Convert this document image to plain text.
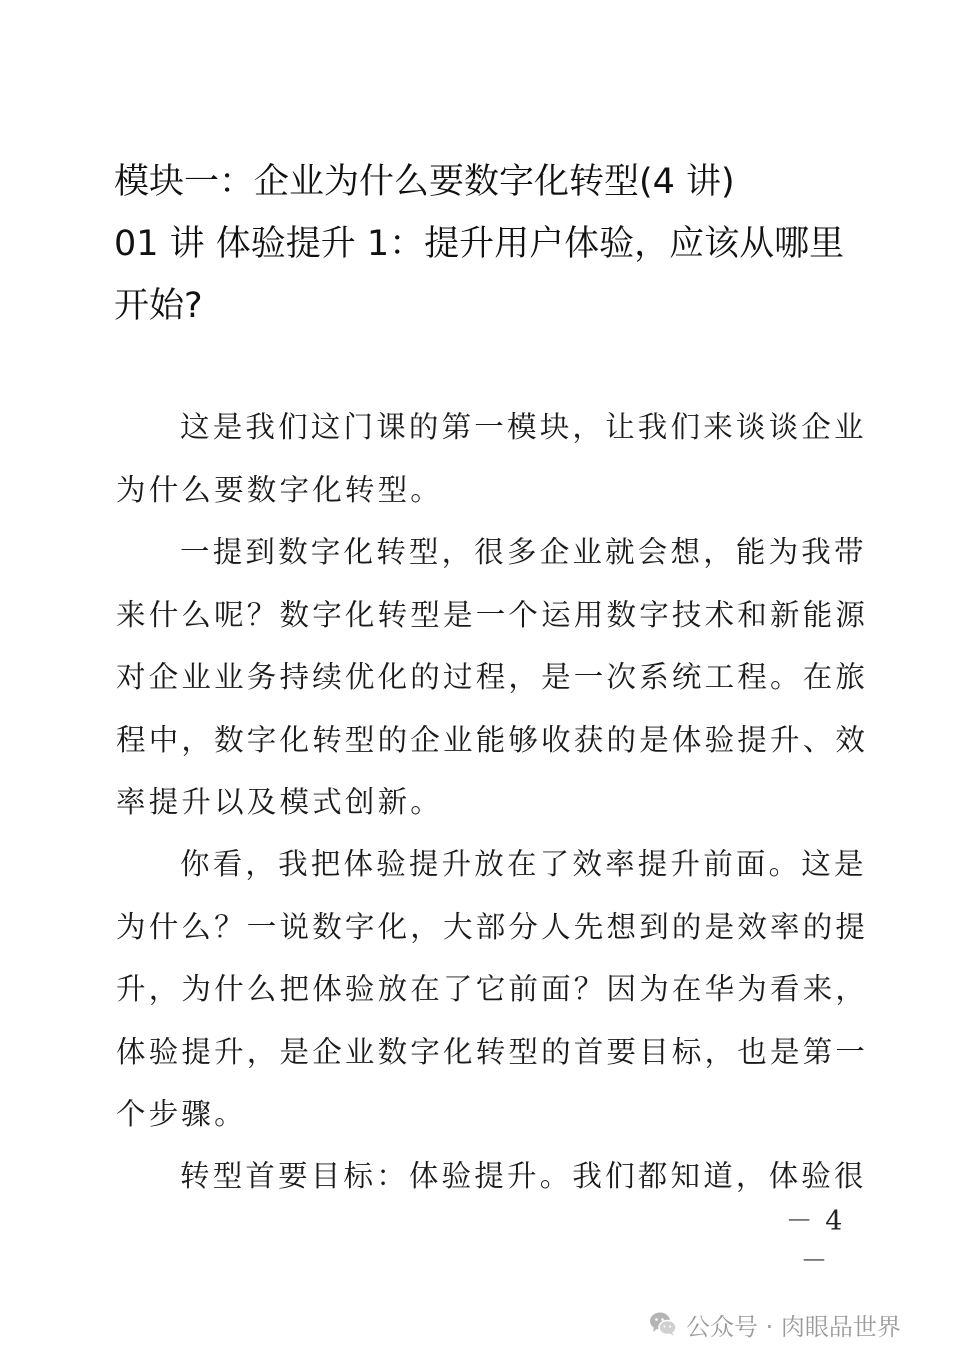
模块一：企业为什么要数字化转型(4 讲)
01 讲 体验提升 1：提升用户体验，应该从哪里
开始?
这是我们这门课的第一模块，让我们来谈谈企业
为什么要数字化转型。
一提到数字化转型，很多企业就会想，能为我带
来什么呢？数字化转型是一个运用数字技术和新能源
对企业业务持续优化的过程，是一次系统工程。在旅
程中，数字化转型的企业能够收获的是体验提升、效
率提升以及模式创新。
你看，我把体验提升放在了效率提升前面。这是
为什么？一说数字化，大部分人先想到的是效率的提
升，为什么把体验放在了它前面？因为在华为看来，
体验提升，是企业数字化转型的首要目标，也是第一
个步骤。
转型首要目标：体验提升。我们都知道，体验很
－ 4 －
公众号 · 肉眼品世界
